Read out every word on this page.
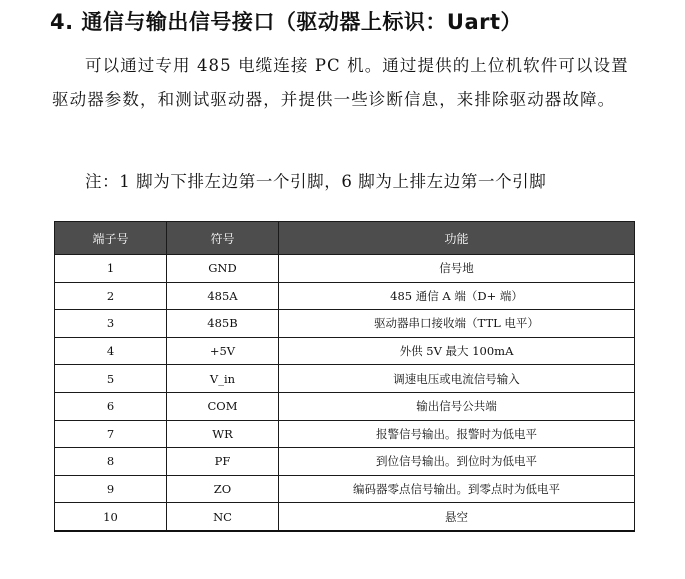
4. 通信与输出信号接口（驱动器上标识：Uart）

可以通过专用 485 电缆连接 PC 机。通过提供的上位机软件可以设置驱动器参数，和测试驱动器，并提供一些诊断信息，来排除驱动器故障。

注：1 脚为下排左边第一个引脚，6 脚为上排左边第一个引脚
端子号	符号	功能
1	GND	信号地
2	485A	485 通信 A 端（D+ 端）
3	485B	驱动器串口接收端（TTL 电平）
4	+5V	外供 5V 最大 100mA
5	V_in	调速电压或电流信号输入
6	COM	输出信号公共端
7	WR	报警信号输出。报警时为低电平
8	PF	到位信号输出。到位时为低电平
9	ZO	编码器零点信号输出。到零点时为低电平
10	NC	悬空
